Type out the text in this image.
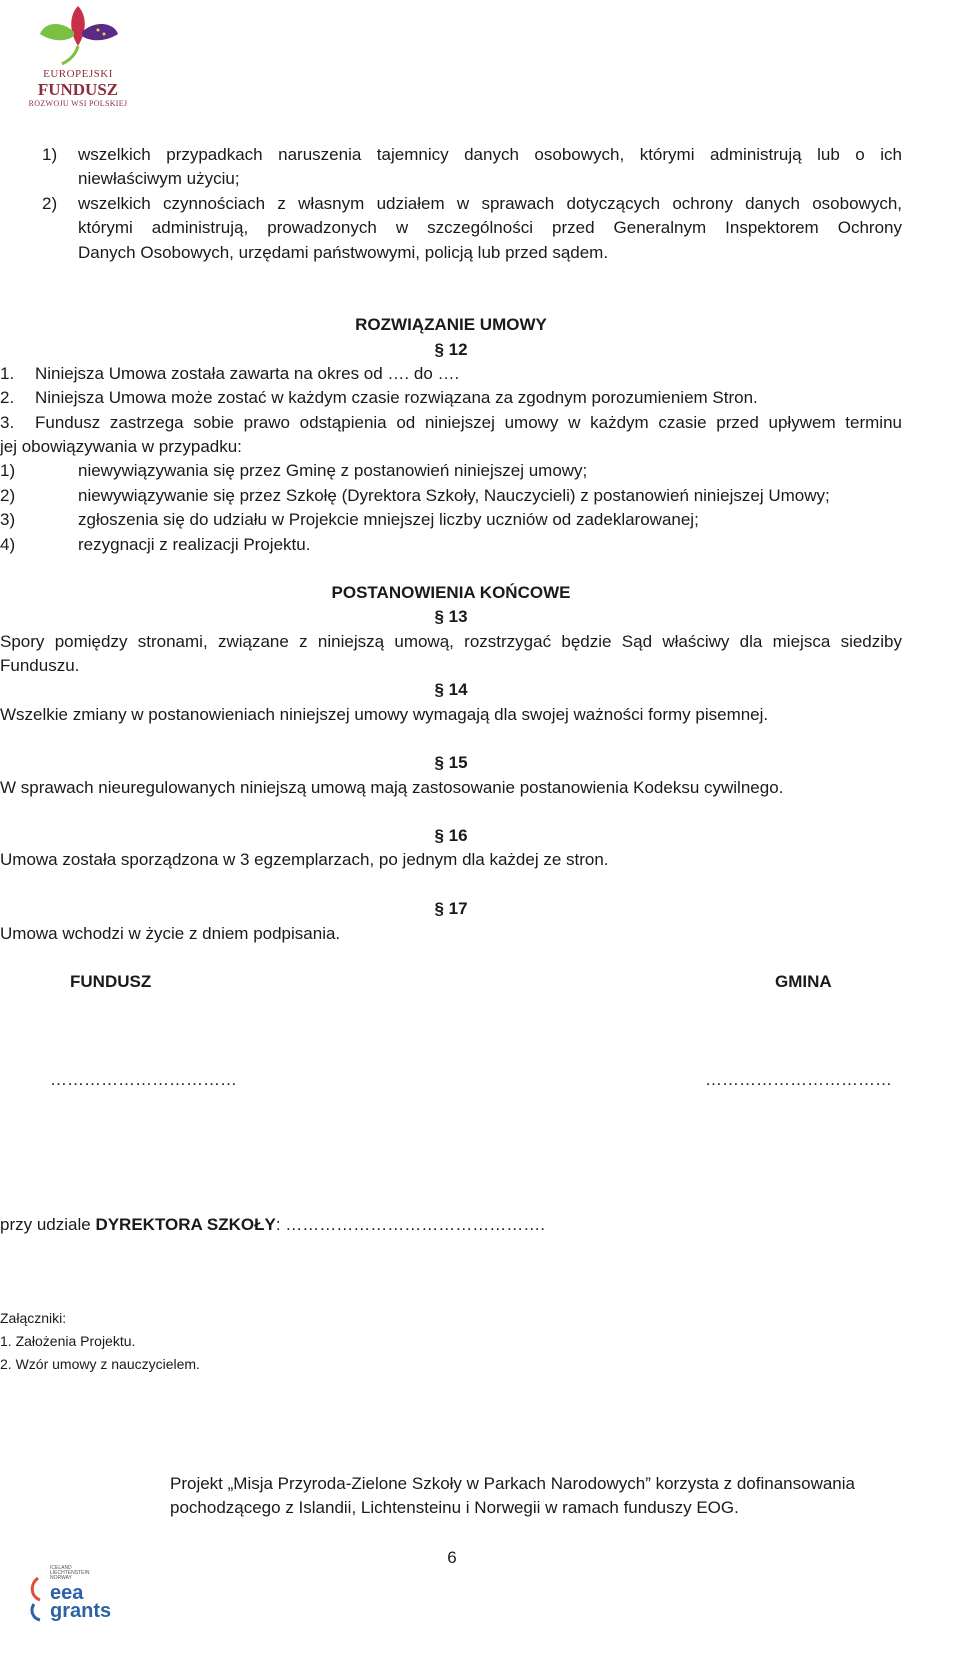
EUROPEJSKI
FUNDUSZ
ROZWOJU WSI POLSKIEJ
1) wszelkich przypadkach naruszenia tajemnicy danych osobowych, którymi administrują lub o ich
niewłaściwym użyciu;
2) wszelkich czynnościach z własnym udziałem w sprawach dotyczących ochrony danych osobowych,
którymi administrują, prowadzonych w szczególności przed Generalnym Inspektorem Ochrony
Danych Osobowych, urzędami państwowymi, policją lub przed sądem.
ROZWIĄZANIE UMOWY
§ 12
1. Niniejsza Umowa została zawarta na okres od …. do ….
2. Niniejsza Umowa może zostać w każdym czasie rozwiązana za zgodnym porozumieniem Stron.
3. Fundusz zastrzega sobie prawo odstąpienia od niniejszej umowy w każdym czasie przed upływem terminu
jej obowiązywania w przypadku:
1)	niewywiązywania się przez Gminę z postanowień niniejszej umowy;
2)	niewywiązywanie się przez Szkołę (Dyrektora Szkoły, Nauczycieli) z postanowień niniejszej Umowy;
3)	zgłoszenia się do udziału w Projekcie mniejszej liczby uczniów od zadeklarowanej;
4)	rezygnacji z realizacji Projektu.
POSTANOWIENIA KOŃCOWE
§ 13
Spory pomiędzy stronami, związane z niniejszą umową, rozstrzygać będzie Sąd właściwy dla miejsca siedziby
Funduszu.
§ 14
Wszelkie zmiany w postanowieniach niniejszej umowy wymagają dla swojej ważności formy pisemnej.
§ 15
W sprawach nieuregulowanych niniejszą umową mają zastosowanie postanowienia Kodeksu cywilnego.
§ 16
Umowa została sporządzona w 3 egzemplarzach, po jednym dla każdej ze stron.
§ 17
Umowa wchodzi w życie z dniem podpisania.
FUNDUSZ	GMINA
……………………………	……………………………
przy udziale DYREKTORA SZKOŁY: ……………………………………….
Załączniki:
1. Założenia Projektu.
2. Wzór umowy z nauczycielem.
ICELAND
LIECHTENSTEIN
NORWAY
eea
grants
Projekt „Misja Przyroda-Zielone Szkoły w Parkach Narodowych” korzysta z dofinansowania
pochodzącego z Islandii, Lichtensteinu i Norwegii w ramach funduszy EOG.
6
